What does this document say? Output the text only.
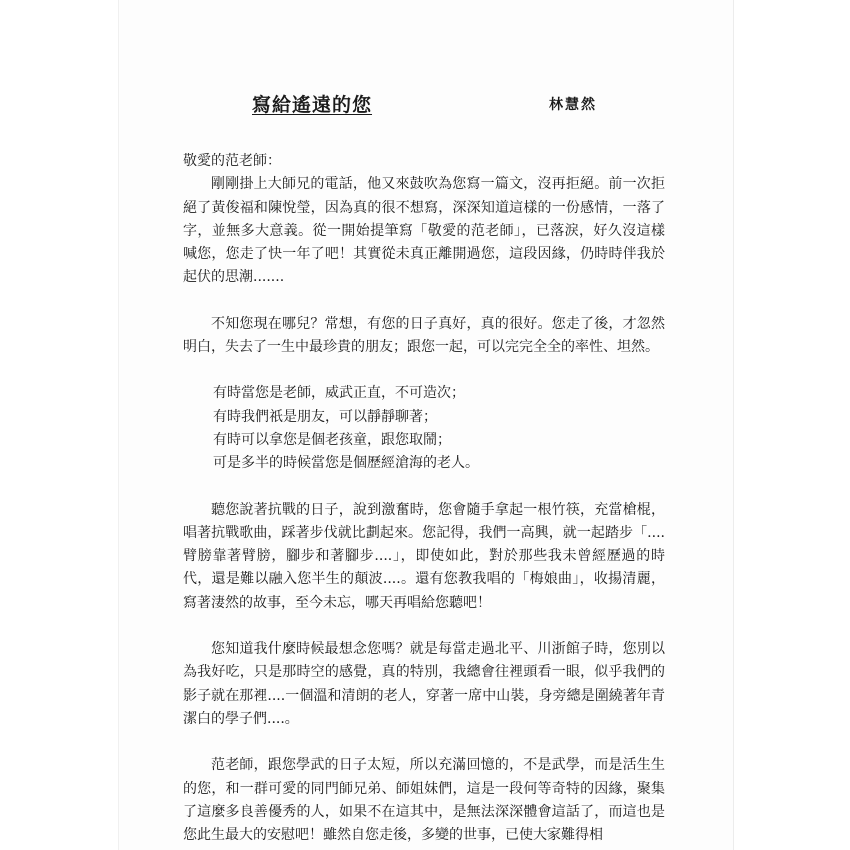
寫給遙遠的您	林慧然

敬愛的范老師：

剛剛掛上大師兄的電話，他又來鼓吹為您寫一篇文，沒再拒絕。前一次拒絕了黃俊福和陳悅瑩，因為真的很不想寫，深深知道這樣的一份感情，一落了字，並無多大意義。從一開始提筆寫「敬愛的范老師」，已落淚，好久沒這樣喊您，您走了快一年了吧！其實從未真正離開過您，這段因緣，仍時時伴我於起伏的思潮.......

不知您現在哪兒？常想，有您的日子真好，真的很好。您走了後，才忽然明白，失去了一生中最珍貴的朋友；跟您一起，可以完完全全的率性、坦然。

有時當您是老師，威武正直，不可造次；

有時我們祇是朋友，可以靜靜聊著；

有時可以拿您是個老孩童，跟您取鬧；

可是多半的時候當您是個歷經滄海的老人。

聽您說著抗戰的日子，說到激奮時，您會隨手拿起一根竹筷，充當槍棍，唱著抗戰歌曲，踩著步伐就比劃起來。您記得，我們一高興，就一起踏步「....臂膀靠著臂膀，腳步和著腳步....」，即使如此，對於那些我未曾經歷過的時代，還是難以融入您半生的顛波....。還有您教我唱的「梅娘曲」，收揚清麗，寫著淒然的故事，至今未忘，哪天再唱給您聽吧！

您知道我什麼時候最想念您嗎？就是每當走過北平、川浙館子時，您別以為我好吃，只是那時空的感覺，真的特別，我總會往裡頭看一眼，似乎我們的影子就在那裡....一個溫和清朗的老人，穿著一席中山裝，身旁總是圍繞著年青潔白的學子們....。

范老師，跟您學武的日子太短，所以充滿回憶的，不是武學，而是活生生的您，和一群可愛的同門師兄弟、師姐妹們，這是一段何等奇特的因緣，聚集了這麼多良善優秀的人，如果不在這其中，是無法深深體會這話了，而這也是您此生最大的安慰吧！雖然自您走後，多變的世事，已使大家難得相
